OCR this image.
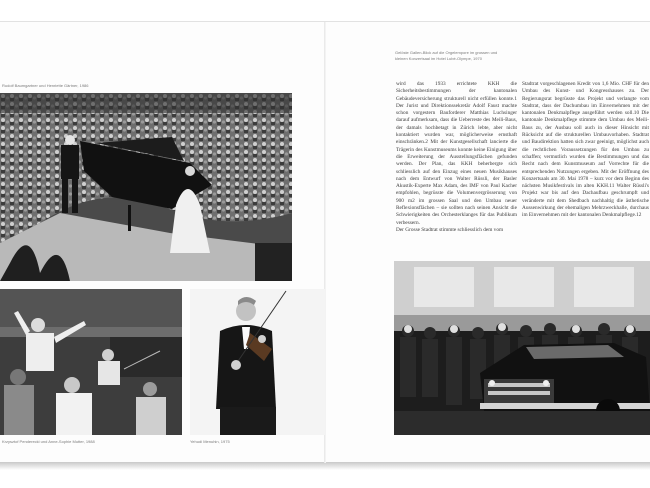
Rudolf Baumgartner und Henriette Gärtner, 1986
Krzysztof Penderecki und Anne-Sophie Mutter, 1988	Yehudi Menuhin, 1975
Gelöste Gallen-Blick auf die Orgelempore im grossen und
kleinen Konzertsaal im Hotel Lubé-Olympe, 1970
wird das 1933 errichtete KKH die Sicherheitsbestimmungen der kantonalen Gebäudeversicherung strukturell nicht erfüllen konnte.1 Der Jurist und Direktionssekretär Adolf Faust machte schon vorgestern Bauforderer Matthias Luchsinger darauf aufmerksam, dass die Ueberreste des Meili-Baus, der damals hochbetagt in Zürich lebte, aber nicht kontaktiert wurden war, möglicherweise ernsthaft einschränken.2 Mit der Kunstgesellschaft lancierte die Trägerin des Kunstmuseums konnte keine Einigung über die Erweiterung der Ausstellungsflächen gefunden werden. Der Plan, das KKH beherbergte sich schliesslich auf den Einzug eines neuen Musikhauses nach dem Entwurf von Walter Rüssli, der Basler Akustik-Experte Max Adam, des IMF von Paul Kacher empfohlen, begrüsste die Volumenvergrösserung von 900 m2 im grossen Saal und den Umbau neuer Reflexionsflächen – sie sollten nach seinen Ansicht die Schwierigkeiten des Orchesterklanges für das Publikum verbessern.
Der Grosse Stadtrat stimmte schliesslich dem vom
Stadtrat vorgeschlagenen Kredit von 1,6 Mio. CHF für den Umbau des Kunst- und Kongresshauses zu. Der Regierungsrat begrüsste das Projekt und verlangte vom Stadtrat, dass der Dachumbau im Einvernehmen mit der kantonalen Denkmalpflege ausgeführt werden soll.10 Die kantonale Denkmalpflege stimmte dem Umbau des Meili-Baus zu, der Ausbau soll auch in dieser Hinsicht mit Rücksicht auf die strukturellen Umbauvorhaben. Stadtrat und Baudirektion hatten sich zwar geeinigt, möglichst auch die rechtlichen Voraussetzungen für den Umbau zu schaffen; vermutlich wurden die Bestimmungen und das Recht nach dem Kunstmuseum auf Vorrechte für die entsprechenden Nutzungen ergeben. Mit der Eröffnung des Konzertsaals am 30. Mai 1978 – kurz vor dem Beginn des nächsten Musikfestivals im alten KKH.11 Walter Rüssli's Projekt war bis auf den Dachaufbau geschrumpft und veränderte mit dem Shedbach nachhaltig die ästhetische Aussenwirkung der ehemaligen Mehrzweckhalle, durchaus im Einvernehmen mit der kantonalen Denkmalpflege.12
